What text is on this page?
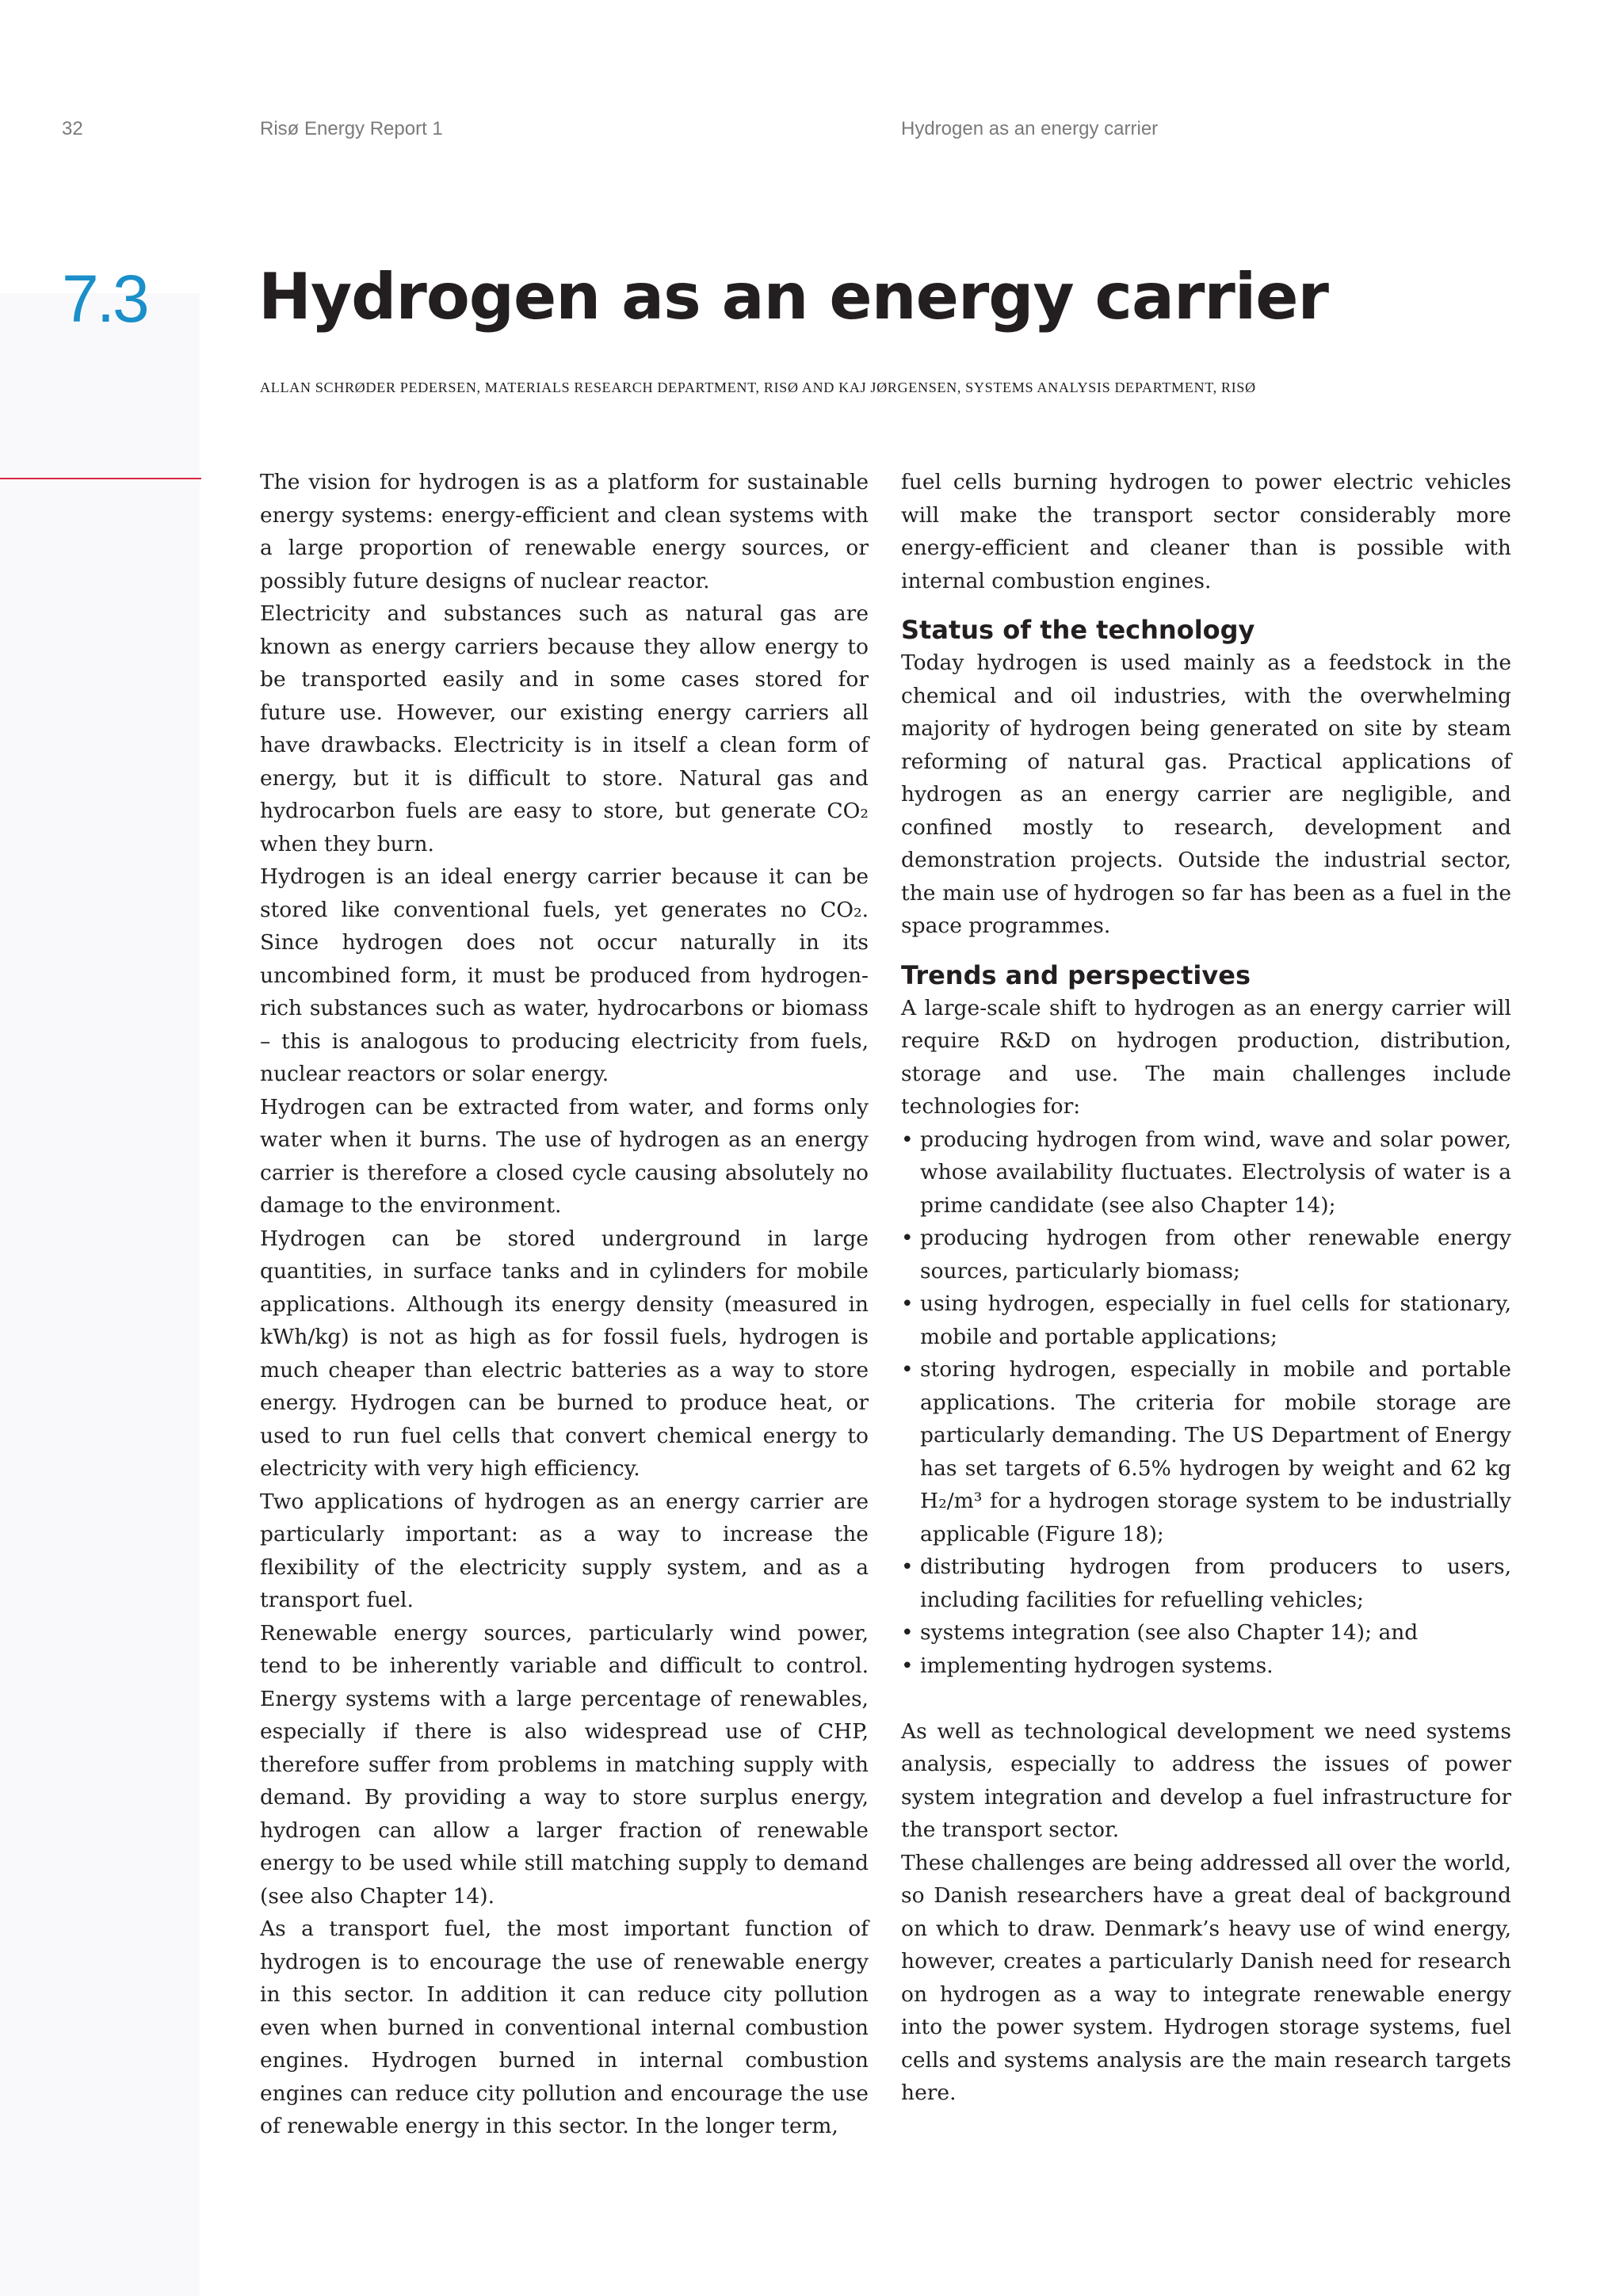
32	Risø Energy Report 1	Hydrogen as an energy carrier
7.3 Hydrogen as an energy carrier
ALLAN SCHRØDER PEDERSEN, MATERIALS RESEARCH DEPARTMENT, RISØ AND KAJ JØRGENSEN, SYSTEMS ANALYSIS DEPARTMENT, RISØ

The vision for hydrogen is as a platform for sustainable energy systems: energy-efficient and clean systems with a large proportion of renewable energy sources, or possibly future designs of nuclear reactor.

Electricity and substances such as natural gas are known as energy carriers because they allow energy to be transported easily and in some cases stored for future use. However, our existing energy carriers all have drawbacks. Electricity is in itself a clean form of energy, but it is difficult to store. Natural gas and hydrocarbon fuels are easy to store, but generate CO₂ when they burn.

Hydrogen is an ideal energy carrier because it can be stored like conventional fuels, yet generates no CO₂. Since hydrogen does not occur naturally in its uncombined form, it must be produced from hydrogen-rich substances such as water, hydrocarbons or biomass – this is analogous to producing electricity from fuels, nuclear reactors or solar energy.

Hydrogen can be extracted from water, and forms only water when it burns. The use of hydrogen as an energy carrier is therefore a closed cycle causing absolutely no damage to the environment.

Hydrogen can be stored underground in large quantities, in surface tanks and in cylinders for mobile applications. Although its energy density (measured in kWh/kg) is not as high as for fossil fuels, hydrogen is much cheaper than electric batteries as a way to store energy. Hydrogen can be burned to produce heat, or used to run fuel cells that convert chemical energy to electricity with very high efficiency.

Two applications of hydrogen as an energy carrier are particularly important: as a way to increase the flexibility of the electricity supply system, and as a transport fuel.

Renewable energy sources, particularly wind power, tend to be inherently variable and difficult to control. Energy systems with a large percentage of renewables, especially if there is also widespread use of CHP, therefore suffer from problems in matching supply with demand. By providing a way to store surplus energy, hydrogen can allow a larger fraction of renewable energy to be used while still matching supply to demand (see also Chapter 14).

As a transport fuel, the most important function of hydrogen is to encourage the use of renewable energy in this sector. In addition it can reduce city pollution even when burned in conventional internal combustion engines. Hydrogen burned in internal combustion engines can reduce city pollution and encourage the use of renewable energy in this sector. In the longer term,

fuel cells burning hydrogen to power electric vehicles will make the transport sector considerably more energy-efficient and cleaner than is possible with internal combustion engines.

Status of the technology

Today hydrogen is used mainly as a feedstock in the chemical and oil industries, with the overwhelming majority of hydrogen being generated on site by steam reforming of natural gas. Practical applications of hydrogen as an energy carrier are negligible, and confined mostly to research, development and demonstration projects. Outside the industrial sector, the main use of hydrogen so far has been as a fuel in the space programmes.

Trends and perspectives

A large-scale shift to hydrogen as an energy carrier will require R&D on hydrogen production, distribution, storage and use. The main challenges include technologies for:

• producing hydrogen from wind, wave and solar power, whose availability fluctuates. Electrolysis of water is a prime candidate (see also Chapter 14);
• producing hydrogen from other renewable energy sources, particularly biomass;
• using hydrogen, especially in fuel cells for stationary, mobile and portable applications;
• storing hydrogen, especially in mobile and portable applications. The criteria for mobile storage are particularly demanding. The US Department of Energy has set targets of 6.5% hydrogen by weight and 62 kg H₂/m³ for a hydrogen storage system to be industrially applicable (Figure 18);
• distributing hydrogen from producers to users, including facilities for refuelling vehicles;
• systems integration (see also Chapter 14); and
• implementing hydrogen systems.

As well as technological development we need systems analysis, especially to address the issues of power system integration and develop a fuel infrastructure for the transport sector.

These challenges are being addressed all over the world, so Danish researchers have a great deal of background on which to draw. Denmark’s heavy use of wind energy, however, creates a particularly Danish need for research on hydrogen as a way to integrate renewable energy into the power system. Hydrogen storage systems, fuel cells and systems analysis are the main research targets here.
